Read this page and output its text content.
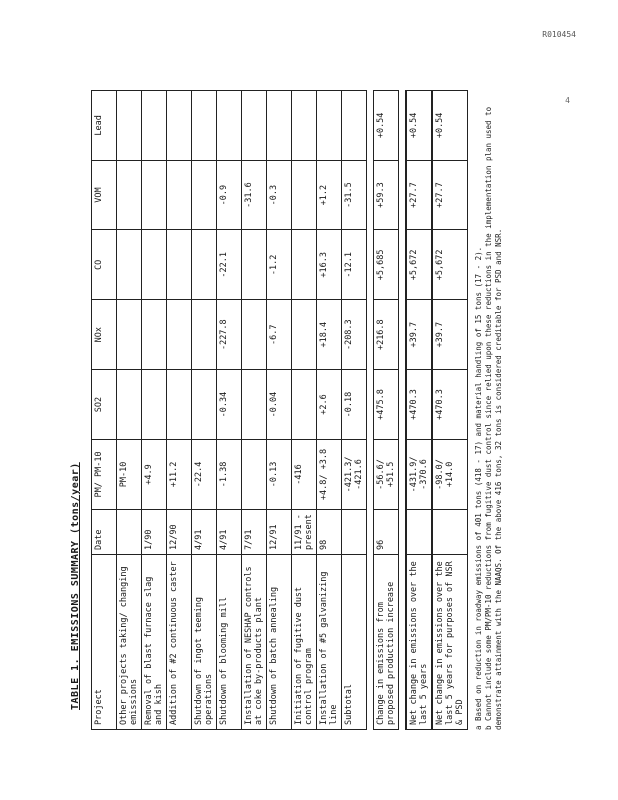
R010454
4
TABLE 1. EMISSIONS SUMMARY (tons/year) Project	Date	PM/ PM-10	SO2	NOx	CO	VOM	Lead
Other projects taking/ changing emissions		PM-10					
Removal of blast furnace slag and kish	1/90	+4.9					
Addition of #2 continuous caster	12/90	+11.2					
Shutdown of ingot teeming operations	4/91	-22.4					
Shutdown of blooming mill	4/91	-1.38	-0.34	-227.8	-22.1	-0.9	
Installation of NESHAP controls at coke by-products plant	7/91					-31.6	
Shutdown of batch annealing	12/91	-0.13	-0.04	-6.7	-1.2	-0.3	
Initiation of fugitive dust control program	11/91 - present	-416					
Installation of #5 galvanizing line	98	+4.8/ +3.8	+2.6	+18.4	+16.3	+1.2	
Subtotal		-421.3/ -421.6	-0.18	-208.3	-12.1	-31.5	

Change in emissions from proposed production increase	96	-56.6/ +51.5	+475.8	+216.8	+5,685	+59.3	+0.54

Net change in emissions over the last 5 years		-431.9/ -370.6	+470.3	+39.7	+5,672	+27.7	+0.54
Net change in emissions over the last 5 years for purposes of NSR & PSD		-98.0/ +14.0	+470.3	+39.7	+5,672	+27.7	+0.54
a Based on reduction in roadway emissions of 401 tons (418 - 17) and material handling of 15 tons (17 - 2). b Cannot include some PM/PM-10 reductions from fugitive dust control since relied upon these reductions in the implementation plan used to demonstrate attainment with the NAAQS. Of the above 416 tons, 32 tons is considered creditable for PSD and NSR.
